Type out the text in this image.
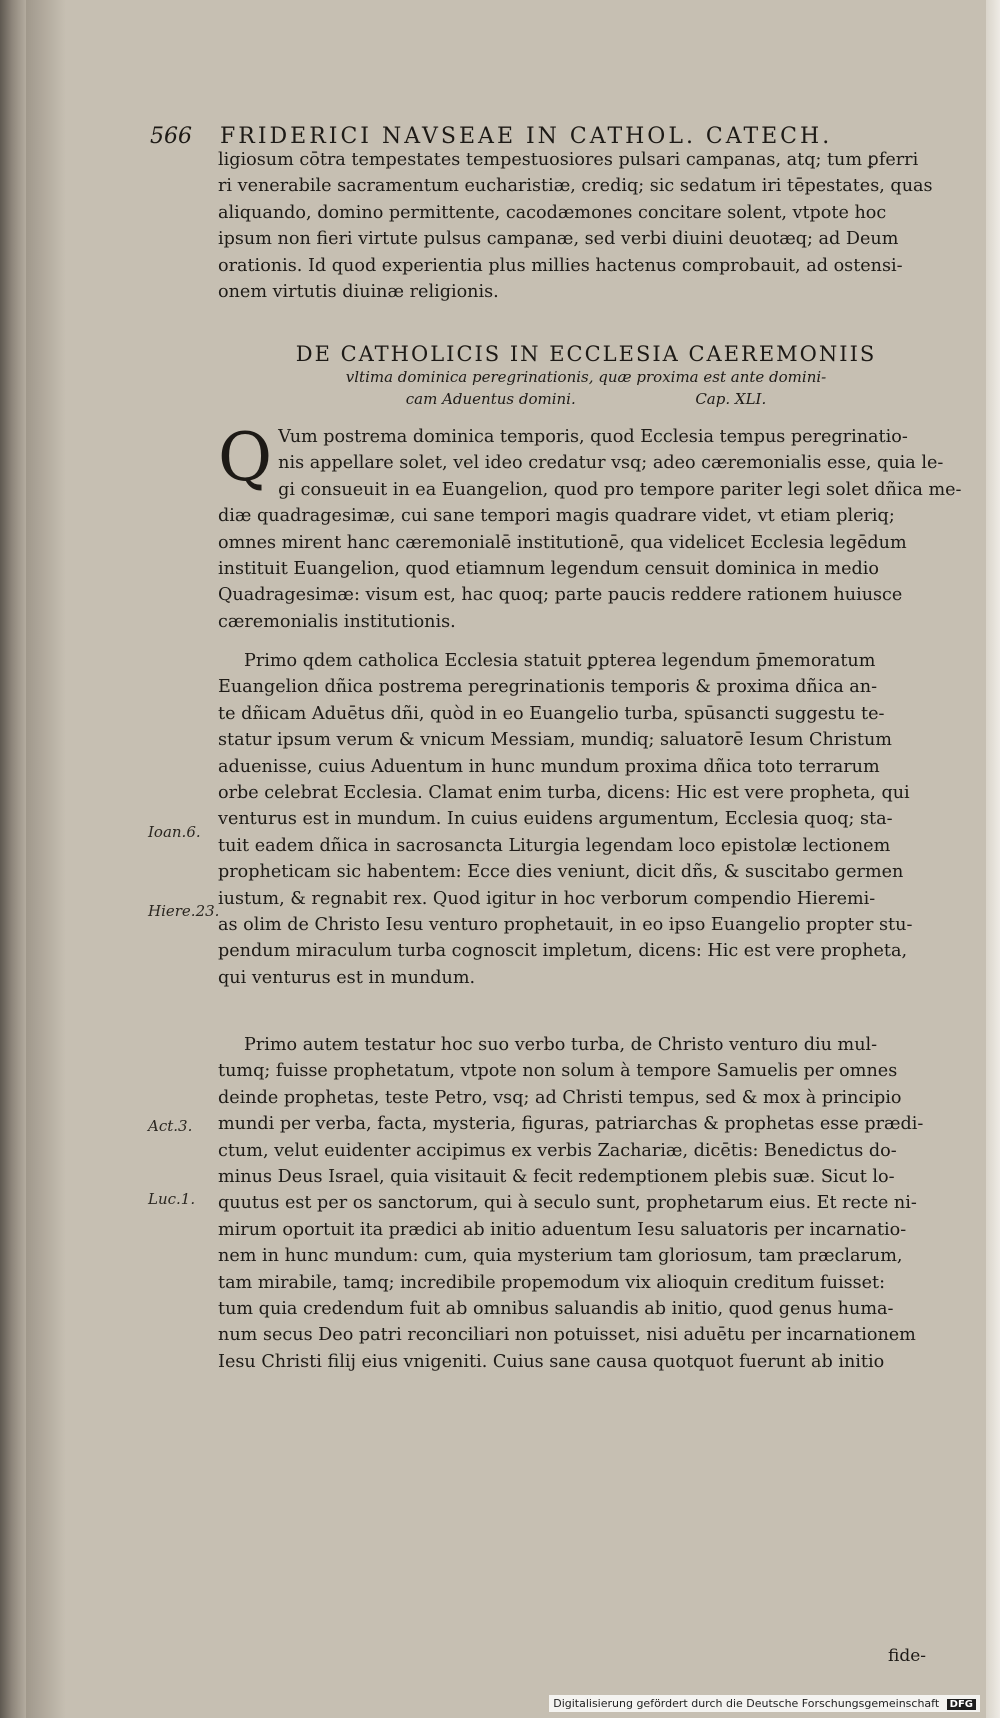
566 FRIDERICI NAVSEAE IN CATHOL. CATECH.
ligiosum cōtra tempestates tempestuosiores pulsari campanas, atq; tum ꝑferri
ri venerabile sacramentum eucharistiæ, crediq; sic sedatum iri tēpestates, quas
aliquando, domino permittente, cacodæmones concitare solent, vtpote hoc
ipsum non fieri virtute pulsus campanæ, sed verbi diuini deuotæq; ad Deum
orationis. Id quod experientia plus millies hactenus comprobauit, ad ostensi-
onem virtutis diuinæ religionis.
DE CATHOLICIS IN ECCLESIA CAEREMONIIS
vltima dominica peregrinationis, quæ proxima est ante domini-
cam Aduentus domini.	Cap. XLI.
Q Vum postrema dominica temporis, quod Ecclesia tempus peregrinatio-
nis appellare solet, vel ideo credatur vsq; adeo cæremonialis esse, quia le-
gi consueuit in ea Euangelion, quod pro tempore pariter legi solet dñica me-
diæ quadragesimæ, cui sane tempori magis quadrare videt, vt etiam pleriq;
omnes mirent hanc cæremonialē institutionē, qua videlicet Ecclesia legēdum
instituit Euangelion, quod etiamnum legendum censuit dominica in medio
Quadragesimæ: visum est, hac quoq; parte paucis reddere rationem huiusce
cæremonialis institutionis.
Primo qdem catholica Ecclesia statuit ꝑpterea legendum p̄memoratum
Euangelion dñica postrema peregrinationis temporis & proxima dñica an-
te dñicam Aduētus dñi, quòd in eo Euangelio turba, spūsancti suggestu te-
statur ipsum verum & vnicum Messiam, mundiq; saluatorē Iesum Christum
aduenisse, cuius Aduentum in hunc mundum proxima dñica toto terrarum
orbe celebrat Ecclesia. Clamat enim turba, dicens: Hic est vere propheta, qui
venturus est in mundum. In cuius euidens argumentum, Ecclesia quoq; sta-
tuit eadem dñica in sacrosancta Liturgia legendam loco epistolæ lectionem
propheticam sic habentem: Ecce dies veniunt, dicit dñs, & suscitabo germen
iustum, & regnabit rex. Quod igitur in hoc verborum compendio Hieremi-
as olim de Christo Iesu venturo prophetauit, in eo ipso Euangelio propter stu-
pendum miraculum turba cognoscit impletum, dicens: Hic est vere propheta,
qui venturus est in mundum.
Primo autem testatur hoc suo verbo turba, de Christo venturo diu mul-
tumq; fuisse prophetatum, vtpote non solum à tempore Samuelis per omnes
deinde prophetas, teste Petro, vsq; ad Christi tempus, sed & mox à principio
mundi per verba, facta, mysteria, figuras, patriarchas & prophetas esse prædi-
ctum, velut euidenter accipimus ex verbis Zachariæ, dicētis: Benedictus do-
minus Deus Israel, quia visitauit & fecit redemptionem plebis suæ. Sicut lo-
quutus est per os sanctorum, qui à seculo sunt, prophetarum eius. Et recte ni-
mirum oportuit ita prædici ab initio aduentum Iesu saluatoris per incarnatio-
nem in hunc mundum: cum, quia mysterium tam gloriosum, tam præclarum,
tam mirabile, tamq; incredibile propemodum vix alioquin creditum fuisset:
tum quia credendum fuit ab omnibus saluandis ab initio, quod genus huma-
num secus Deo patri reconciliari non potuisset, nisi aduētu per incarnationem
Iesu Christi filij eius vnigeniti. Cuius sane causa quotquot fuerunt ab initio
Ioan.6.
Hiere.23.
Act.3.
Luc.1.
fide-
Digitalisierung gefördert durch die Deutsche Forschungsgemeinschaft DFG
